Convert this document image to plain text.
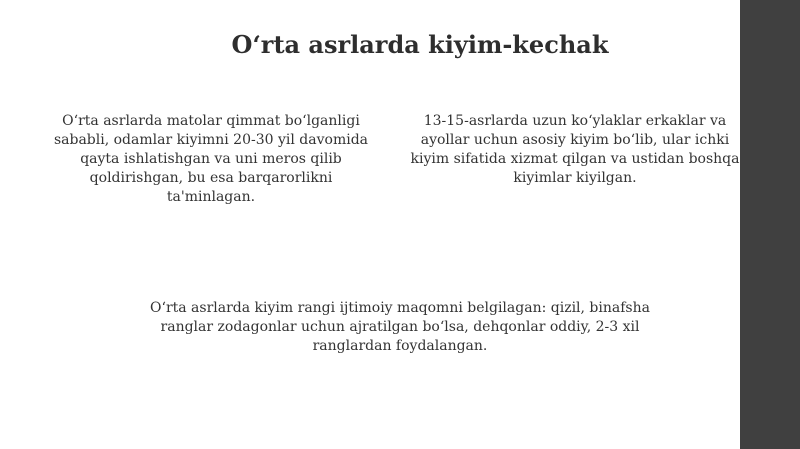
O‘rta asrlarda kiyim-kechak

O‘rta asrlarda matolar qimmat bo‘lganligi sababli, odamlar kiyimni 20-30 yil davomida qayta ishlatishgan va uni meros qilib qoldirishgan, bu esa barqarorlikni ta'minlagan.

13-15-asrlarda uzun ko‘ylaklar erkaklar va ayollar uchun asosiy kiyim bo‘lib, ular ichki kiyim sifatida xizmat qilgan va ustidan boshqa kiyimlar kiyilgan.

O‘rta asrlarda kiyim rangi ijtimoiy maqomni belgilagan: qizil, binafsha ranglar zodagonlar uchun ajratilgan bo‘lsa, dehqonlar oddiy, 2-3 xil ranglardan foydalangan.
